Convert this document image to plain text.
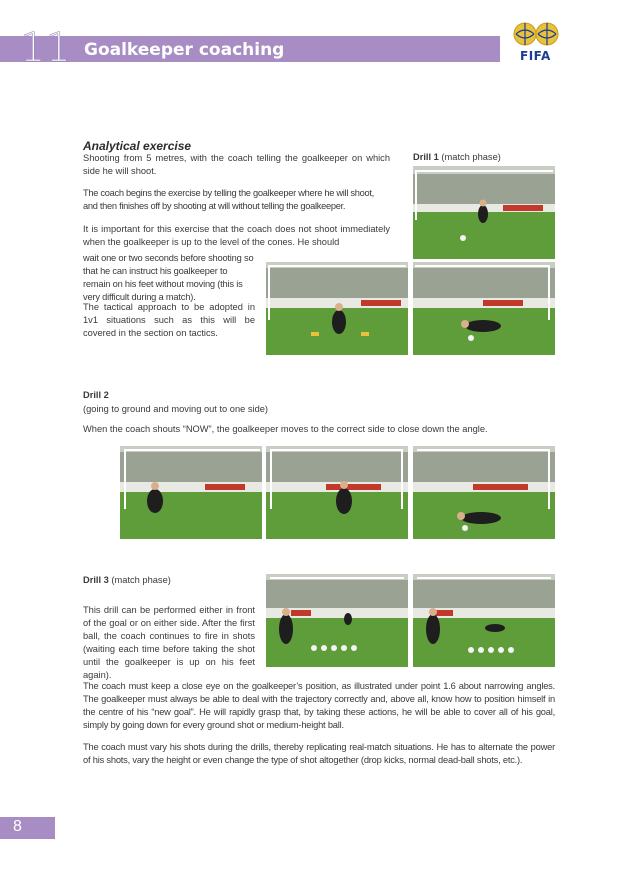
11 Goalkeeper coaching	FIFA
Analytical exercise
Shooting from 5 metres, with the coach telling the goalkeeper on which side he will shoot.
The coach begins the exercise by telling the goalkeeper where he will shoot, and then finishes off by shooting at will without telling the goalkeeper.
It is important for this exercise that the coach does not shoot immediately when the goalkeeper is up to the level of the cones. He should
wait one or two seconds before shooting so that he can instruct his goalkeeper to remain on his feet without moving (this is very difficult during a match).
The tactical approach to be adopted in 1v1 situations such as this will be covered in the section on tactics.
Drill 1 (match phase)
Drill 2
(going to ground and moving out to one side)
When the coach shouts “NOW”, the goalkeeper moves to the correct side to close down the angle.
Drill 3 (match phase)
This drill can be performed either in front of the goal or on either side. After the first ball, the coach continues to fire in shots (waiting each time before taking the shot until the goalkeeper is up on his feet again).
The coach must keep a close eye on the goalkeeper’s position, as illustrated under point 1.6 about narrowing angles. The goalkeeper must always be able to deal with the trajectory correctly and, above all, know how to position himself in the centre of his “new goal”. He will rapidly grasp that, by taking these actions, he will be able to cover all of his goal, simply by going down for every ground shot or medium-height ball.
The coach must vary his shots during the drills, thereby replicating real-match situations. He has to alternate the power of his shots, vary the height or even change the type of shot altogether (drop kicks, normal dead-ball shots, etc.).
8
